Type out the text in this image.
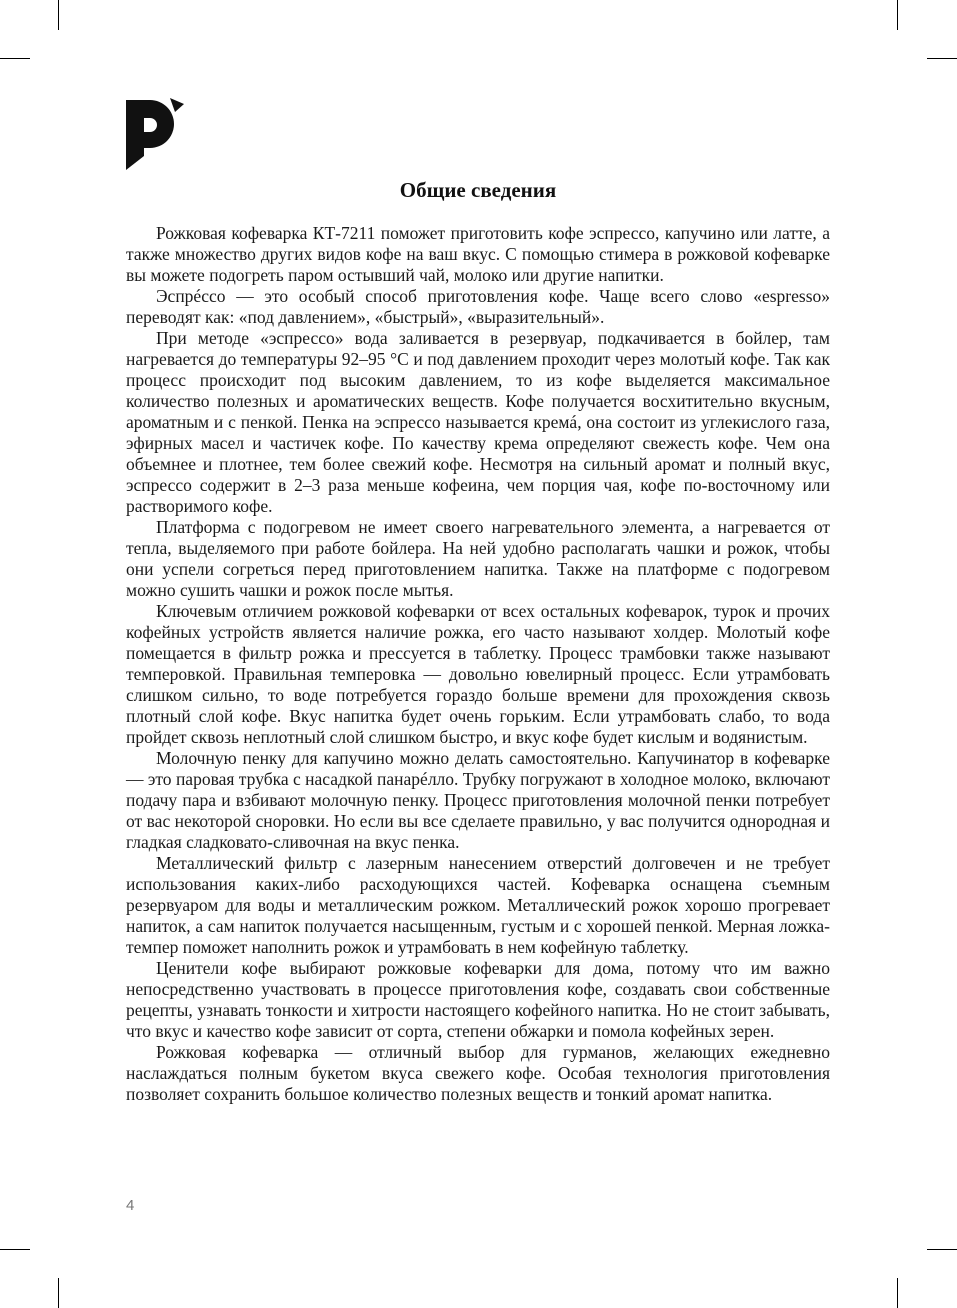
Общие сведения

Рожковая кофеварка КТ-7211 поможет приготовить кофе эспрессо, капучино или латте, а также множество других видов кофе на ваш вкус. С помощью стимера в рожковой кофеварке вы можете подогреть паром остывший чай, молоко или другие напитки.

Эспрéссо — это особый способ приготовления кофе. Чаще всего слово «espresso» переводят как: «под давлением», «быстрый», «выразительный».

При методе «эспрессо» вода заливается в резервуар, подкачивается в бойлер, там нагревается до температуры 92–95 °С и под давлением проходит через молотый кофе. Так как процесс происходит под высоким давлением, то из кофе выделяется максимальное количество полезных и ароматических веществ. Кофе получается восхитительно вкусным, ароматным и с пенкой. Пенка на эспрессо называется кремá, она состоит из углекислого газа, эфирных масел и частичек кофе. По качеству крема определяют свежесть кофе. Чем она объемнее и плотнее, тем более свежий кофе. Несмотря на сильный аромат и полный вкус, эспрессо содержит в 2–3 раза меньше кофеина, чем порция чая, кофе по-восточному или растворимого кофе.

Платформа с подогревом не имеет своего нагревательного элемента, а нагревается от тепла, выделяемого при работе бойлера. На ней удобно располагать чашки и рожок, чтобы они успели согреться перед приготовлением напитка. Также на платформе с подогревом можно сушить чашки и рожок после мытья.

Ключевым отличием рожковой кофеварки от всех остальных кофеварок, турок и прочих кофейных устройств является наличие рожка, его часто называют холдер. Молотый кофе помещается в фильтр рожка и прессуется в таблетку. Процесс трамбовки также называют темперовкой. Правильная темперовка — довольно ювелирный процесс. Если утрамбовать слишком сильно, то воде потребуется гораздо больше времени для прохождения сквозь плотный слой кофе. Вкус напитка будет очень горьким. Если утрамбовать слабо, то вода пройдет сквозь неплотный слой слишком быстро, и вкус кофе будет кислым и водянистым.

Молочную пенку для капучино можно делать самостоятельно. Капучинатор в кофеварке — это паровая трубка с насадкой панарéлло. Трубку погружают в холодное молоко, включают подачу пара и взбивают молочную пенку. Процесс приготовления молочной пенки потребует от вас некоторой сноровки. Но если вы все сделаете правильно, у вас получится однородная и гладкая сладковато-сливочная на вкус пенка.

Металлический фильтр с лазерным нанесением отверстий долговечен и не требует использования каких-либо расходующихся частей. Кофеварка оснащена съемным резервуаром для воды и металлическим рожком. Металлический рожок хорошо прогревает напиток, а сам напиток получается насыщенным, густым и с хорошей пенкой. Мерная ложка-темпер поможет наполнить рожок и утрамбовать в нем кофейную таблетку.

Ценители кофе выбирают рожковые кофеварки для дома, потому что им важно непосредственно участвовать в процессе приготовления кофе, создавать свои собственные рецепты, узнавать тонкости и хитрости настоящего кофейного напитка. Но не стоит забывать, что вкус и качество кофе зависит от сорта, степени обжарки и помола кофейных зерен.

Рожковая кофеварка — отличный выбор для гурманов, желающих ежедневно наслаждаться полным букетом вкуса свежего кофе. Особая технология приготовления позволяет сохранить большое количество полезных веществ и тонкий аромат напитка.

4
